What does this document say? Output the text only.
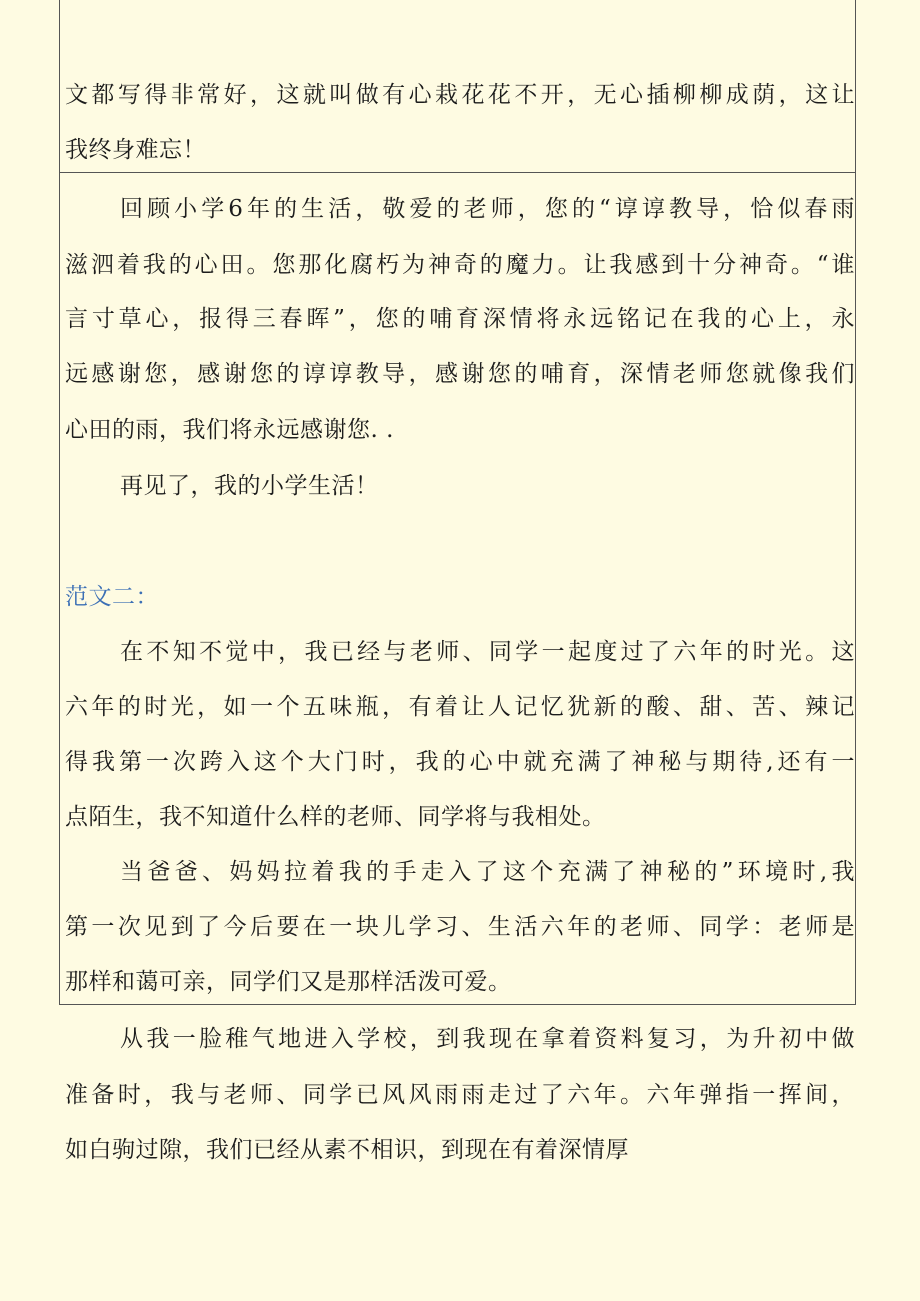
文都写得非常好，这就叫做有心栽花花不开，无心插柳柳成荫，这让
我终身难忘！
回顾小学6年的生活，敬爱的老师，您的“谆谆教导，恰似春雨
滋泗着我的心田。您那化腐朽为神奇的魔力。让我感到十分神奇。“谁
言寸草心，报得三春晖”，您的哺育深情将永远铭记在我的心上，永
远感谢您，感谢您的谆谆教导，感谢您的哺育，深情老师您就像我们
心田的雨，我们将永远感谢您. .
再见了，我的小学生活！
范文二：
在不知不觉中，我已经与老师、同学一起度过了六年的时光。这
六年的时光，如一个五味瓶，有着让人记忆犹新的酸、甜、苦、辣记
得我第一次跨入这个大门时，我的心中就充满了神秘与期待,还有一
点陌生，我不知道什么样的老师、同学将与我相处。
当爸爸、妈妈拉着我的手走入了这个充满了神秘的”环境时,我
第一次见到了今后要在一块儿学习、生活六年的老师、同学：老师是
那样和蔼可亲，同学们又是那样活泼可爱。
从我一脸稚气地进入学校，到我现在拿着资料复习，为升初中做
准备时，我与老师、同学已风风雨雨走过了六年。六年弹指一挥间，
如白驹过隙，我们已经从素不相识，到现在有着深情厚
